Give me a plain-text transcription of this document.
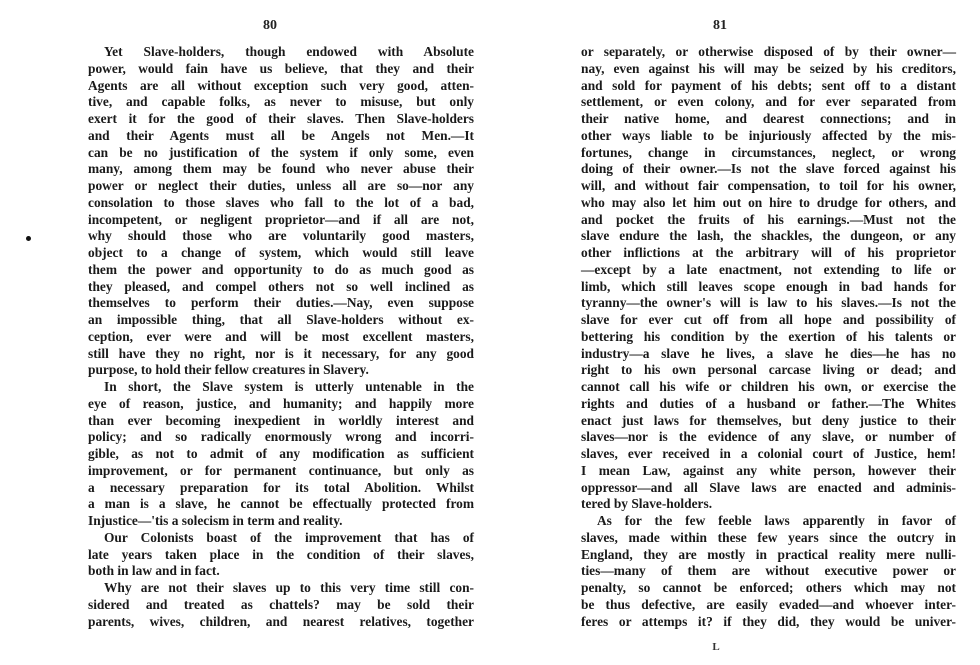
80
Yet Slave-holders, though endowed with Absolute
power, would fain have us believe, that they and their
Agents are all without exception such very good, atten-
tive, and capable folks, as never to misuse, but only
exert it for the good of their slaves. Then Slave-holders
and their Agents must all be Angels not Men.—It
can be no justification of the system if only some, even
many, among them may be found who never abuse their
power or neglect their duties, unless all are so—nor any
consolation to those slaves who fall to the lot of a bad,
incompetent, or negligent proprietor—and if all are not,
why should those who are voluntarily good masters,
object to a change of system, which would still leave
them the power and opportunity to do as much good as
they pleased, and compel others not so well inclined as
themselves to perform their duties.—Nay, even suppose
an impossible thing, that all Slave-holders without ex-
ception, ever were and will be most excellent masters,
still have they no right, nor is it necessary, for any good
purpose, to hold their fellow creatures in Slavery.
In short, the Slave system is utterly untenable in the
eye of reason, justice, and humanity; and happily more
than ever becoming inexpedient in worldly interest and
policy; and so radically enormously wrong and incorri-
gible, as not to admit of any modification as sufficient
improvement, or for permanent continuance, but only as
a necessary preparation for its total Abolition. Whilst
a man is a slave, he cannot be effectually protected from
Injustice—'tis a solecism in term and reality.
Our Colonists boast of the improvement that has of
late years taken place in the condition of their slaves,
both in law and in fact.
Why are not their slaves up to this very time still con-
sidered and treated as chattels? may be sold their
parents, wives, children, and nearest relatives, together
81
or separately, or otherwise disposed of by their owner—
nay, even against his will may be seized by his creditors,
and sold for payment of his debts; sent off to a distant
settlement, or even colony, and for ever separated from
their native home, and dearest connections; and in
other ways liable to be injuriously affected by the mis-
fortunes, change in circumstances, neglect, or wrong
doing of their owner.—Is not the slave forced against his
will, and without fair compensation, to toil for his owner,
who may also let him out on hire to drudge for others, and
and pocket the fruits of his earnings.—Must not the
slave endure the lash, the shackles, the dungeon, or any
other inflictions at the arbitrary will of his proprietor
—except by a late enactment, not extending to life or
limb, which still leaves scope enough in bad hands for
tyranny—the owner's will is law to his slaves.—Is not the
slave for ever cut off from all hope and possibility of
bettering his condition by the exertion of his talents or
industry—a slave he lives, a slave he dies—he has no
right to his own personal carcase living or dead; and
cannot call his wife or children his own, or exercise the
rights and duties of a husband or father.—The Whites
enact just laws for themselves, but deny justice to their
slaves—nor is the evidence of any slave, or number of
slaves, ever received in a colonial court of Justice, hem!
I mean Law, against any white person, however their
oppressor—and all Slave laws are enacted and adminis-
tered by Slave-holders.
As for the few feeble laws apparently in favor of
slaves, made within these few years since the outcry in
England, they are mostly in practical reality mere nulli-
ties—many of them are without executive power or
penalty, so cannot be enforced; others which may not
be thus defective, are easily evaded—and whoever inter-
feres or attemps it? if they did, they would be univer-
L
